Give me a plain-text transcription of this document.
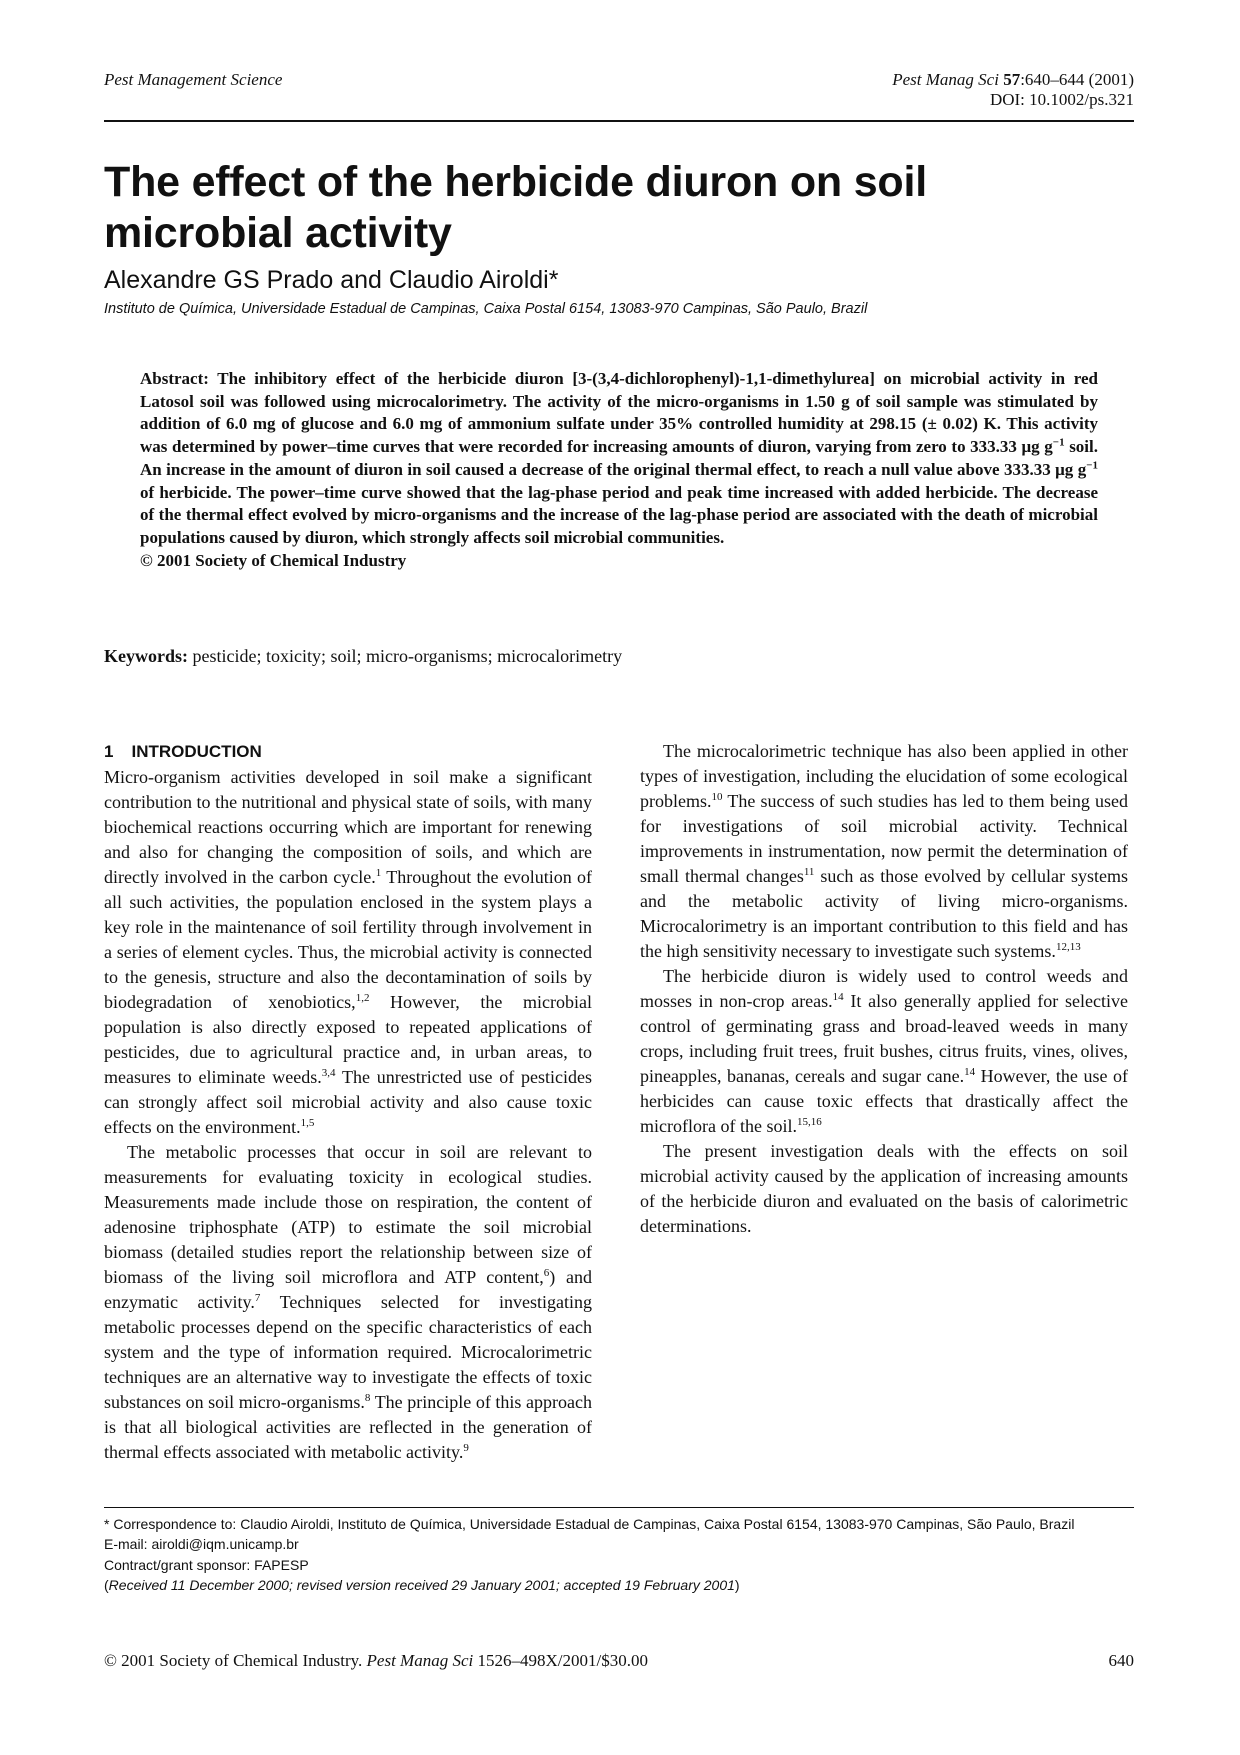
Pest Management Science	Pest Manag Sci 57:640–644 (2001)
DOI: 10.1002/ps.321
The effect of the herbicide diuron on soil microbial activity
Alexandre GS Prado and Claudio Airoldi*
Instituto de Química, Universidade Estadual de Campinas, Caixa Postal 6154, 13083-970 Campinas, São Paulo, Brazil

Abstract: The inhibitory effect of the herbicide diuron [3-(3,4-dichlorophenyl)-1,1-dimethylurea] on microbial activity in red Latosol soil was followed using microcalorimetry. The activity of the micro-organisms in 1.50 g of soil sample was stimulated by addition of 6.0 mg of glucose and 6.0 mg of ammonium sulfate under 35% controlled humidity at 298.15 (± 0.02) K. This activity was determined by power–time curves that were recorded for increasing amounts of diuron, varying from zero to 333.33 μg $g^{-1}$ soil. An increase in the amount of diuron in soil caused a decrease of the original thermal effect, to reach a null value above 333.33 μg $g^{-1}$ of herbicide. The power–time curve showed that the lag-phase period and peak time increased with added herbicide. The decrease of the thermal effect evolved by micro-organisms and the increase of the lag-phase period are associated with the death of microbial populations caused by diuron, which strongly affects soil microbial communities.
© 2001 Society of Chemical Industry

Keywords: pesticide; toxicity; soil; micro-organisms; microcalorimetry
1 INTRODUCTION

Micro-organism activities developed in soil make a significant contribution to the nutritional and physical state of soils, with many biochemical reactions occurring which are important for renewing and also for changing the composition of soils, and which are directly involved in the carbon cycle.$^1$ Throughout the evolution of all such activities, the population enclosed in the system plays a key role in the maintenance of soil fertility through involvement in a series of element cycles. Thus, the microbial activity is connected to the genesis, structure and also the decontamination of soils by biodegradation of xenobiotics,$^{1,2}$ However, the microbial population is also directly exposed to repeated applications of pesticides, due to agricultural practice and, in urban areas, to measures to eliminate weeds.$^{3,4}$ The unrestricted use of pesticides can strongly affect soil microbial activity and also cause toxic effects on the environment.$^{1,5}$

The metabolic processes that occur in soil are relevant to measurements for evaluating toxicity in ecological studies. Measurements made include those on respiration, the content of adenosine triphosphate (ATP) to estimate the soil microbial biomass (detailed studies report the relationship between size of biomass of the living soil microflora and ATP content,$^6$) and enzymatic activity.$^7$ Techniques selected for investigating metabolic processes depend on the specific characteristics of each system and the type of information required. Microcalorimetric techniques are an alternative way to investigate the effects of toxic substances on soil micro-organisms.$^8$ The principle of this approach is that all biological activities are reflected in the generation of thermal effects associated with metabolic activity.$^9$

The microcalorimetric technique has also been applied in other types of investigation, including the elucidation of some ecological problems.$^{10}$ The success of such studies has led to them being used for investigations of soil microbial activity. Technical improvements in instrumentation, now permit the determination of small thermal changes$^{11}$ such as those evolved by cellular systems and the metabolic activity of living micro-organisms. Microcalorimetry is an important contribution to this field and has the high sensitivity necessary to investigate such systems.$^{12,13}$

The herbicide diuron is widely used to control weeds and mosses in non-crop areas.$^{14}$ It also generally applied for selective control of germinating grass and broad-leaved weeds in many crops, including fruit trees, fruit bushes, citrus fruits, vines, olives, pineapples, bananas, cereals and sugar cane.$^{14}$ However, the use of herbicides can cause toxic effects that drastically affect the microflora of the soil.$^{15,16}$

The present investigation deals with the effects on soil microbial activity caused by the application of increasing amounts of the herbicide diuron and evaluated on the basis of calorimetric determinations.

* Correspondence to: Claudio Airoldi, Instituto de Química, Universidade Estadual de Campinas, Caixa Postal 6154, 13083-970 Campinas, São Paulo, Brazil
E-mail: airoldi@iqm.unicamp.br
Contract/grant sponsor: FAPESP
(Received 11 December 2000; revised version received 29 January 2001; accepted 19 February 2001)
© 2001 Society of Chemical Industry. Pest Manag Sci 1526–498X/2001/$30.00	640
